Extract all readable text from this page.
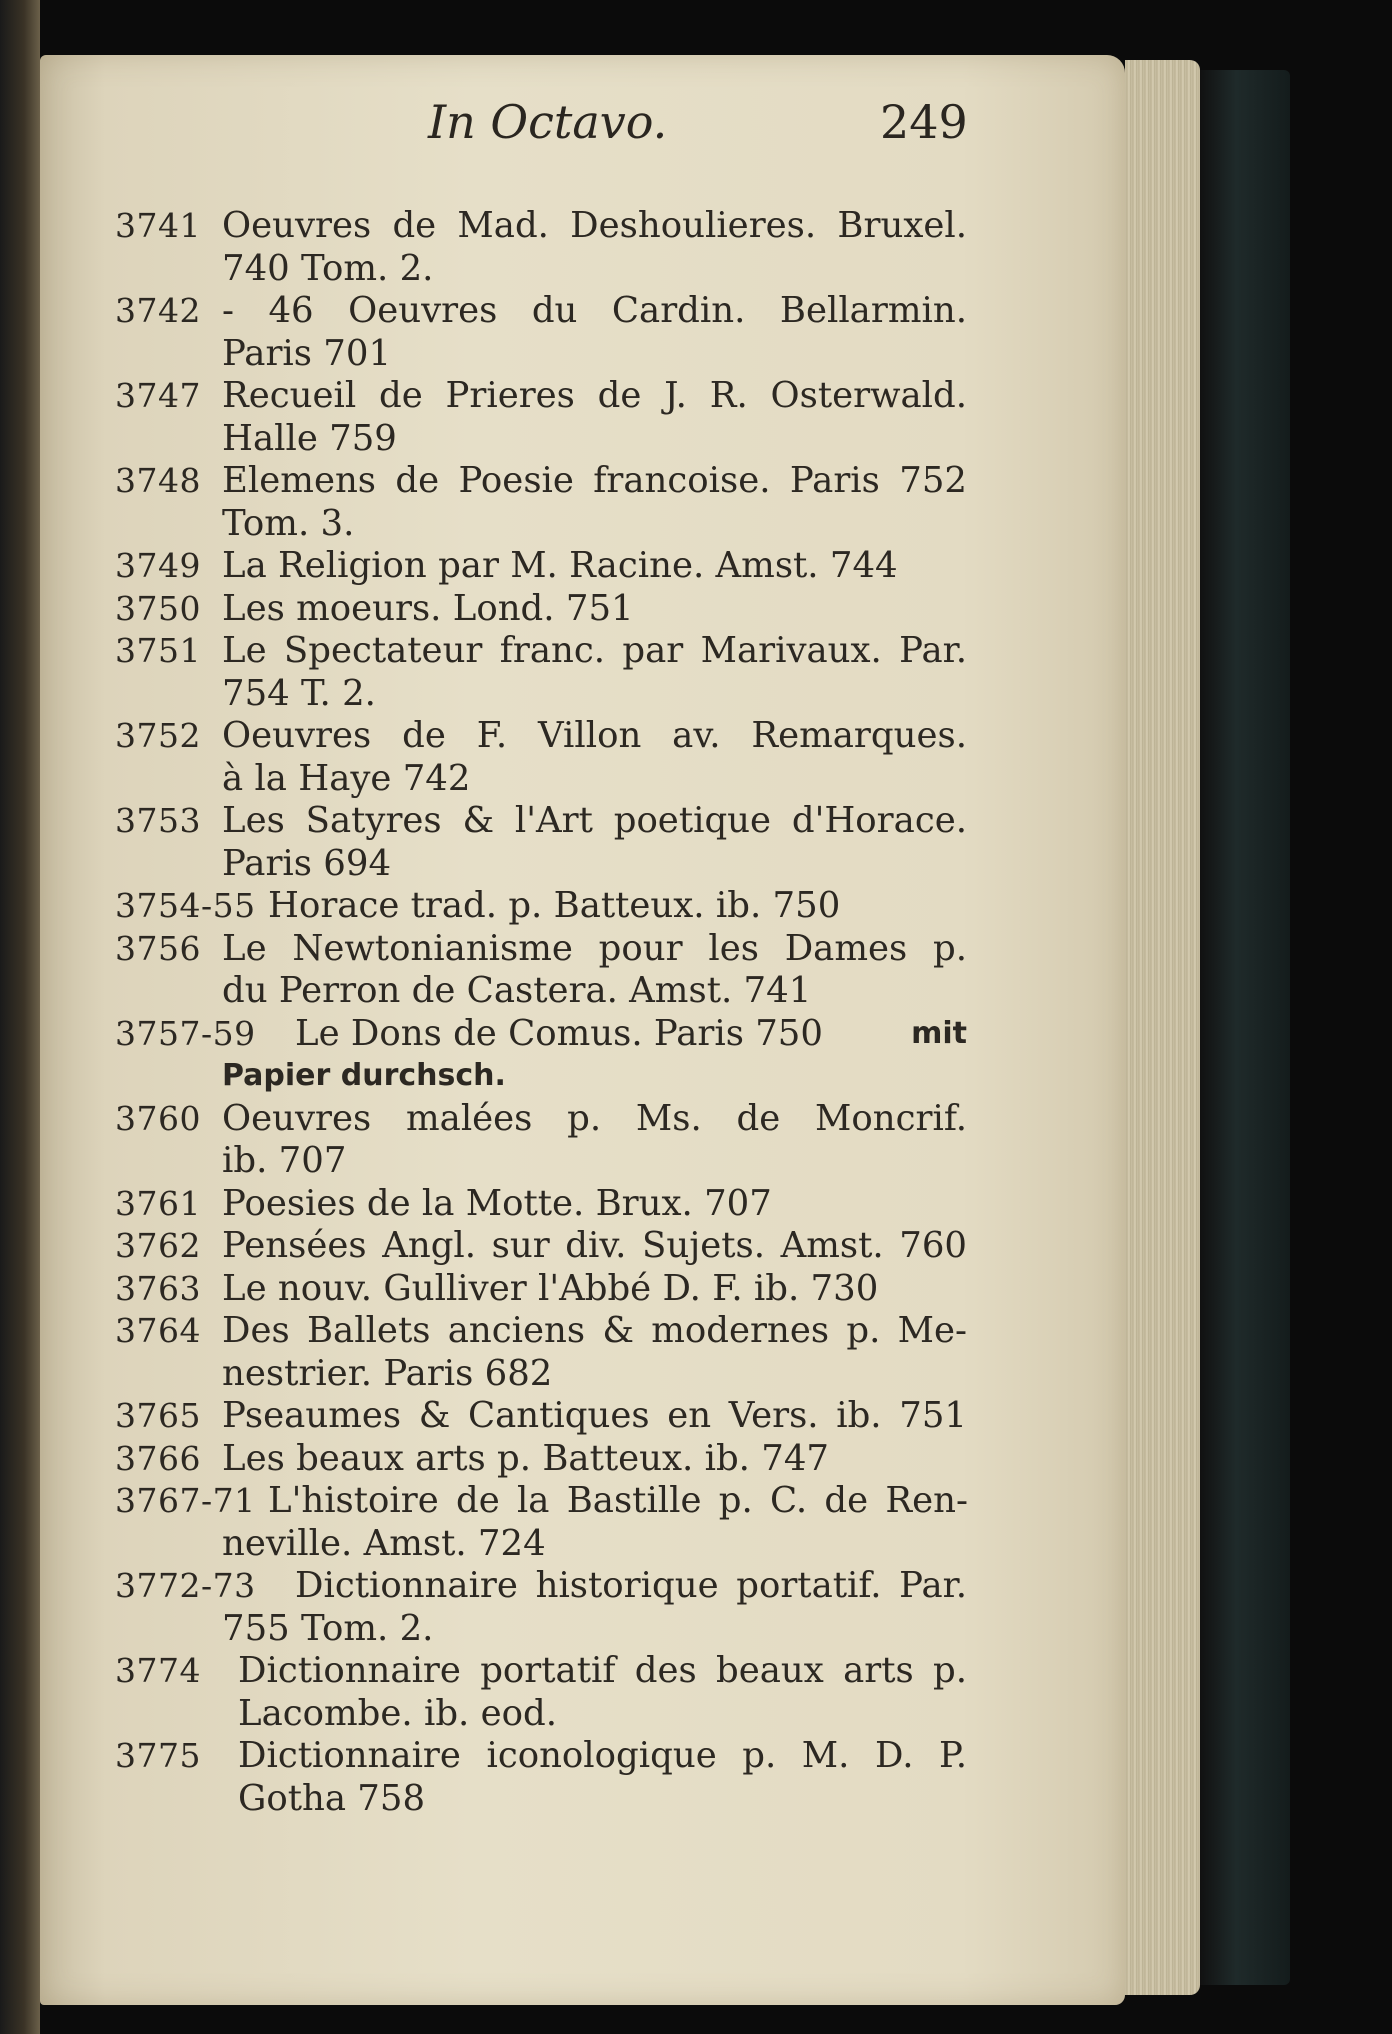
In Octavo.	249
3741 Oeuvres de Mad. Deshoulieres. Bruxel.
740 Tom. 2.
3742 - 46 Oeuvres du Cardin. Bellarmin.
Paris 701
3747 Recueil de Prieres de J. R. Osterwald.
Halle 759
3748 Elemens de Poesie francoise. Paris 752
Tom. 3.
3749 La Religion par M. Racine. Amst. 744
3750 Les moeurs. Lond. 751
3751 Le Spectateur franc. par Marivaux. Par.
754 T. 2.
3752 Oeuvres de F. Villon av. Remarques.
à la Haye 742
3753 Les Satyres & l'Art poetique d'Horace.
Paris 694
3754-55 Horace trad. p. Batteux. ib. 750
3756 Le Newtonianisme pour les Dames p.
du Perron de Castera. Amst. 741
3757-59 Le Dons de Comus. Paris 750	mit
Papier durchsch.
3760 Oeuvres malées p. Ms. de Moncrif.
ib. 707
3761 Poesies de la Motte. Brux. 707
3762 Pensées Angl. sur div. Sujets. Amst. 760
3763 Le nouv. Gulliver l'Abbé D. F. ib. 730
3764 Des Ballets anciens & modernes p. Me-
nestrier. Paris 682
3765 Pseaumes & Cantiques en Vers. ib. 751
3766 Les beaux arts p. Batteux. ib. 747
3767-71 L'histoire de la Bastille p. C. de Ren-
neville. Amst. 724
3772-73 Dictionnaire historique portatif. Par.
755 Tom. 2.
3774	Dictionnaire portatif des beaux arts p.
Lacombe. ib. eod.
3775	Dictionnaire iconologique p. M. D. P.
Gotha 758
